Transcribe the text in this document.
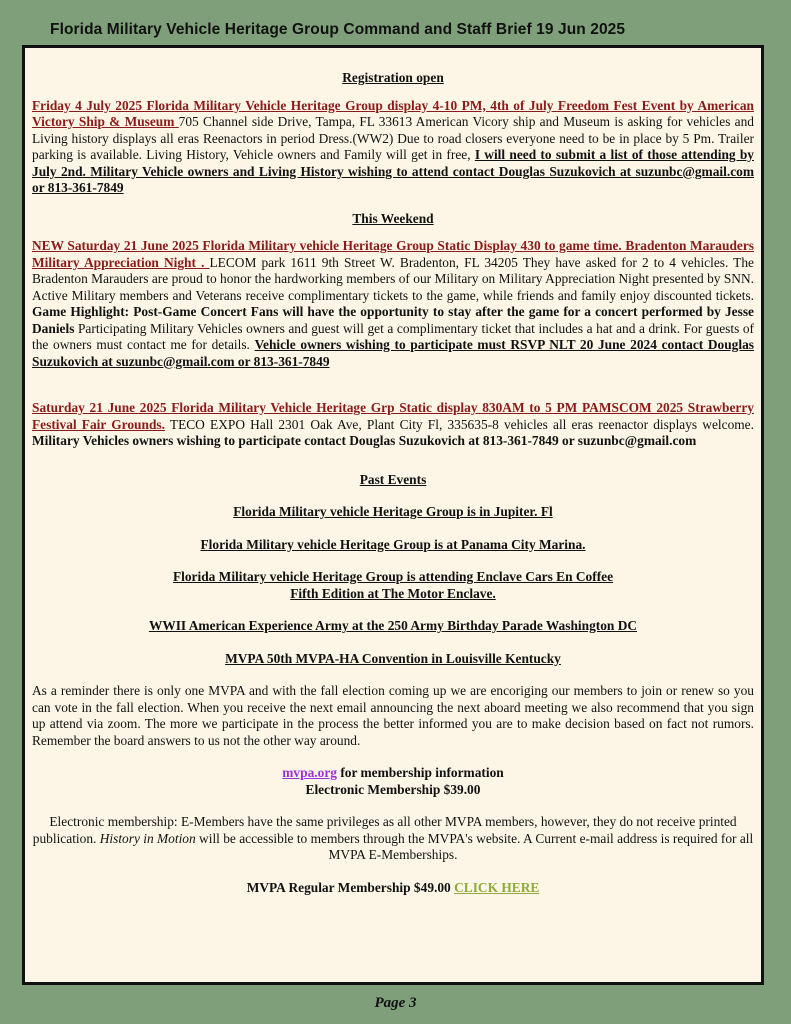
Florida Military Vehicle Heritage Group Command and Staff Brief 19 Jun 2025

Registration open

Friday 4 July 2025 Florida Military Vehicle Heritage Group display 4-10 PM, 4th of July Freedom Fest Event by American Victory Ship & Museum 705 Channel side Drive, Tampa, FL 33613 American Vicory ship and Museum is asking for vehicles and Living history displays all eras Reenactors in period Dress.(WW2) Due to road closers everyone need to be in place by 5 Pm. Trailer parking is available. Living History, Vehicle owners and Family will get in free, I will need to submit a list of those attending by July 2nd. Military Vehicle owners and Living History wishing to attend contact Douglas Suzukovich at suzunbc@gmail.com or 813-361-7849

This Weekend

NEW Saturday 21 June 2025 Florida Military vehicle Heritage Group Static Display 430 to game time. Bradenton Marauders Military Appreciation Night . LECOM park 1611 9th Street W. Bradenton, FL 34205 They have asked for 2 to 4 vehicles. The Bradenton Marauders are proud to honor the hardworking members of our Military on Military Appreciation Night presented by SNN. Active Military members and Veterans receive complimentary tickets to the game, while friends and family enjoy discounted tickets. Game Highlight: Post-Game Concert Fans will have the opportunity to stay after the game for a concert performed by Jesse Daniels Participating Military Vehicles owners and guest will get a complimentary ticket that includes a hat and a drink. For guests of the owners must contact me for details. Vehicle owners wishing to participate must RSVP NLT 20 June 2024 contact Douglas Suzukovich at suzunbc@gmail.com or 813-361-7849

Saturday 21 June 2025 Florida Military Vehicle Heritage Grp Static display 830AM to 5 PM PAMSCOM 2025 Strawberry Festival Fair Grounds. TECO EXPO Hall 2301 Oak Ave, Plant City Fl, 335635-8 vehicles all eras reenactor displays welcome. Military Vehicles owners wishing to participate contact Douglas Suzukovich at 813-361-7849 or suzunbc@gmail.com

Past Events

Florida Military vehicle Heritage Group is in Jupiter. Fl

Florida Military vehicle Heritage Group is at Panama City Marina.

Florida Military vehicle Heritage Group is attending Enclave Cars En Coffee

Fifth Edition at The Motor Enclave.

WWII American Experience Army at the 250 Army Birthday Parade Washington DC

MVPA 50th MVPA-HA Convention in Louisville Kentucky

As a reminder there is only one MVPA and with the fall election coming up we are encoriging our members to join or renew so you can vote in the fall election. When you receive the next email announcing the next aboard meeting we also recommend that you sign up attend via zoom. The more we participate in the process the better informed you are to make decision based on fact not rumors. Remember the board answers to us not the other way around.

mvpa.org for membership information

Electronic Membership $39.00

Electronic membership: E-Members have the same privileges as all other MVPA members, however, they do not receive printed publication. History in Motion will be accessible to members through the MVPA's website. A Current e-mail address is required for all MVPA E-Memberships.

MVPA Regular Membership $49.00 CLICK HERE

Page 3
